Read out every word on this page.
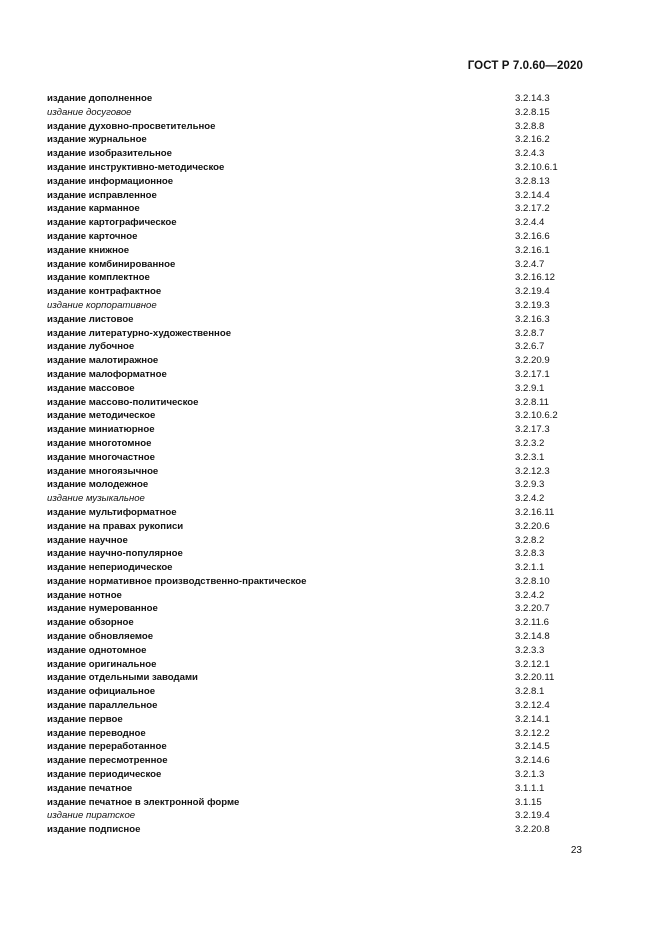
ГОСТ Р 7.0.60—2020
издание дополненное	3.2.14.3
издание досуговое	3.2.8.15
издание духовно-просветительное	3.2.8.8
издание журнальное	3.2.16.2
издание изобразительное	3.2.4.3
издание инструктивно-методическое	3.2.10.6.1
издание информационное	3.2.8.13
издание исправленное	3.2.14.4
издание карманное	3.2.17.2
издание картографическое	3.2.4.4
издание карточное	3.2.16.6
издание книжное	3.2.16.1
издание комбинированное	3.2.4.7
издание комплектное	3.2.16.12
издание контрафактное	3.2.19.4
издание корпоративное	3.2.19.3
издание листовое	3.2.16.3
издание литературно-художественное	3.2.8.7
издание лубочное	3.2.6.7
издание малотиражное	3.2.20.9
издание малоформатное	3.2.17.1
издание массовое	3.2.9.1
издание массово-политическое	3.2.8.11
издание методическое	3.2.10.6.2
издание миниатюрное	3.2.17.3
издание многотомное	3.2.3.2
издание многочастное	3.2.3.1
издание многоязычное	3.2.12.3
издание молодежное	3.2.9.3
издание музыкальное	3.2.4.2
издание мультиформатное	3.2.16.11
издание на правах рукописи	3.2.20.6
издание научное	3.2.8.2
издание научно-популярное	3.2.8.3
издание непериодическое	3.2.1.1
издание нормативное производственно-практическое	3.2.8.10
издание нотное	3.2.4.2
издание нумерованное	3.2.20.7
издание обзорное	3.2.11.6
издание обновляемое	3.2.14.8
издание однотомное	3.2.3.3
издание оригинальное	3.2.12.1
издание отдельными заводами	3.2.20.11
издание официальное	3.2.8.1
издание параллельное	3.2.12.4
издание первое	3.2.14.1
издание переводное	3.2.12.2
издание переработанное	3.2.14.5
издание пересмотренное	3.2.14.6
издание периодическое	3.2.1.3
издание печатное	3.1.1.1
издание печатное в электронной форме	3.1.15
издание пиратское	3.2.19.4
издание подписное	3.2.20.8
23
